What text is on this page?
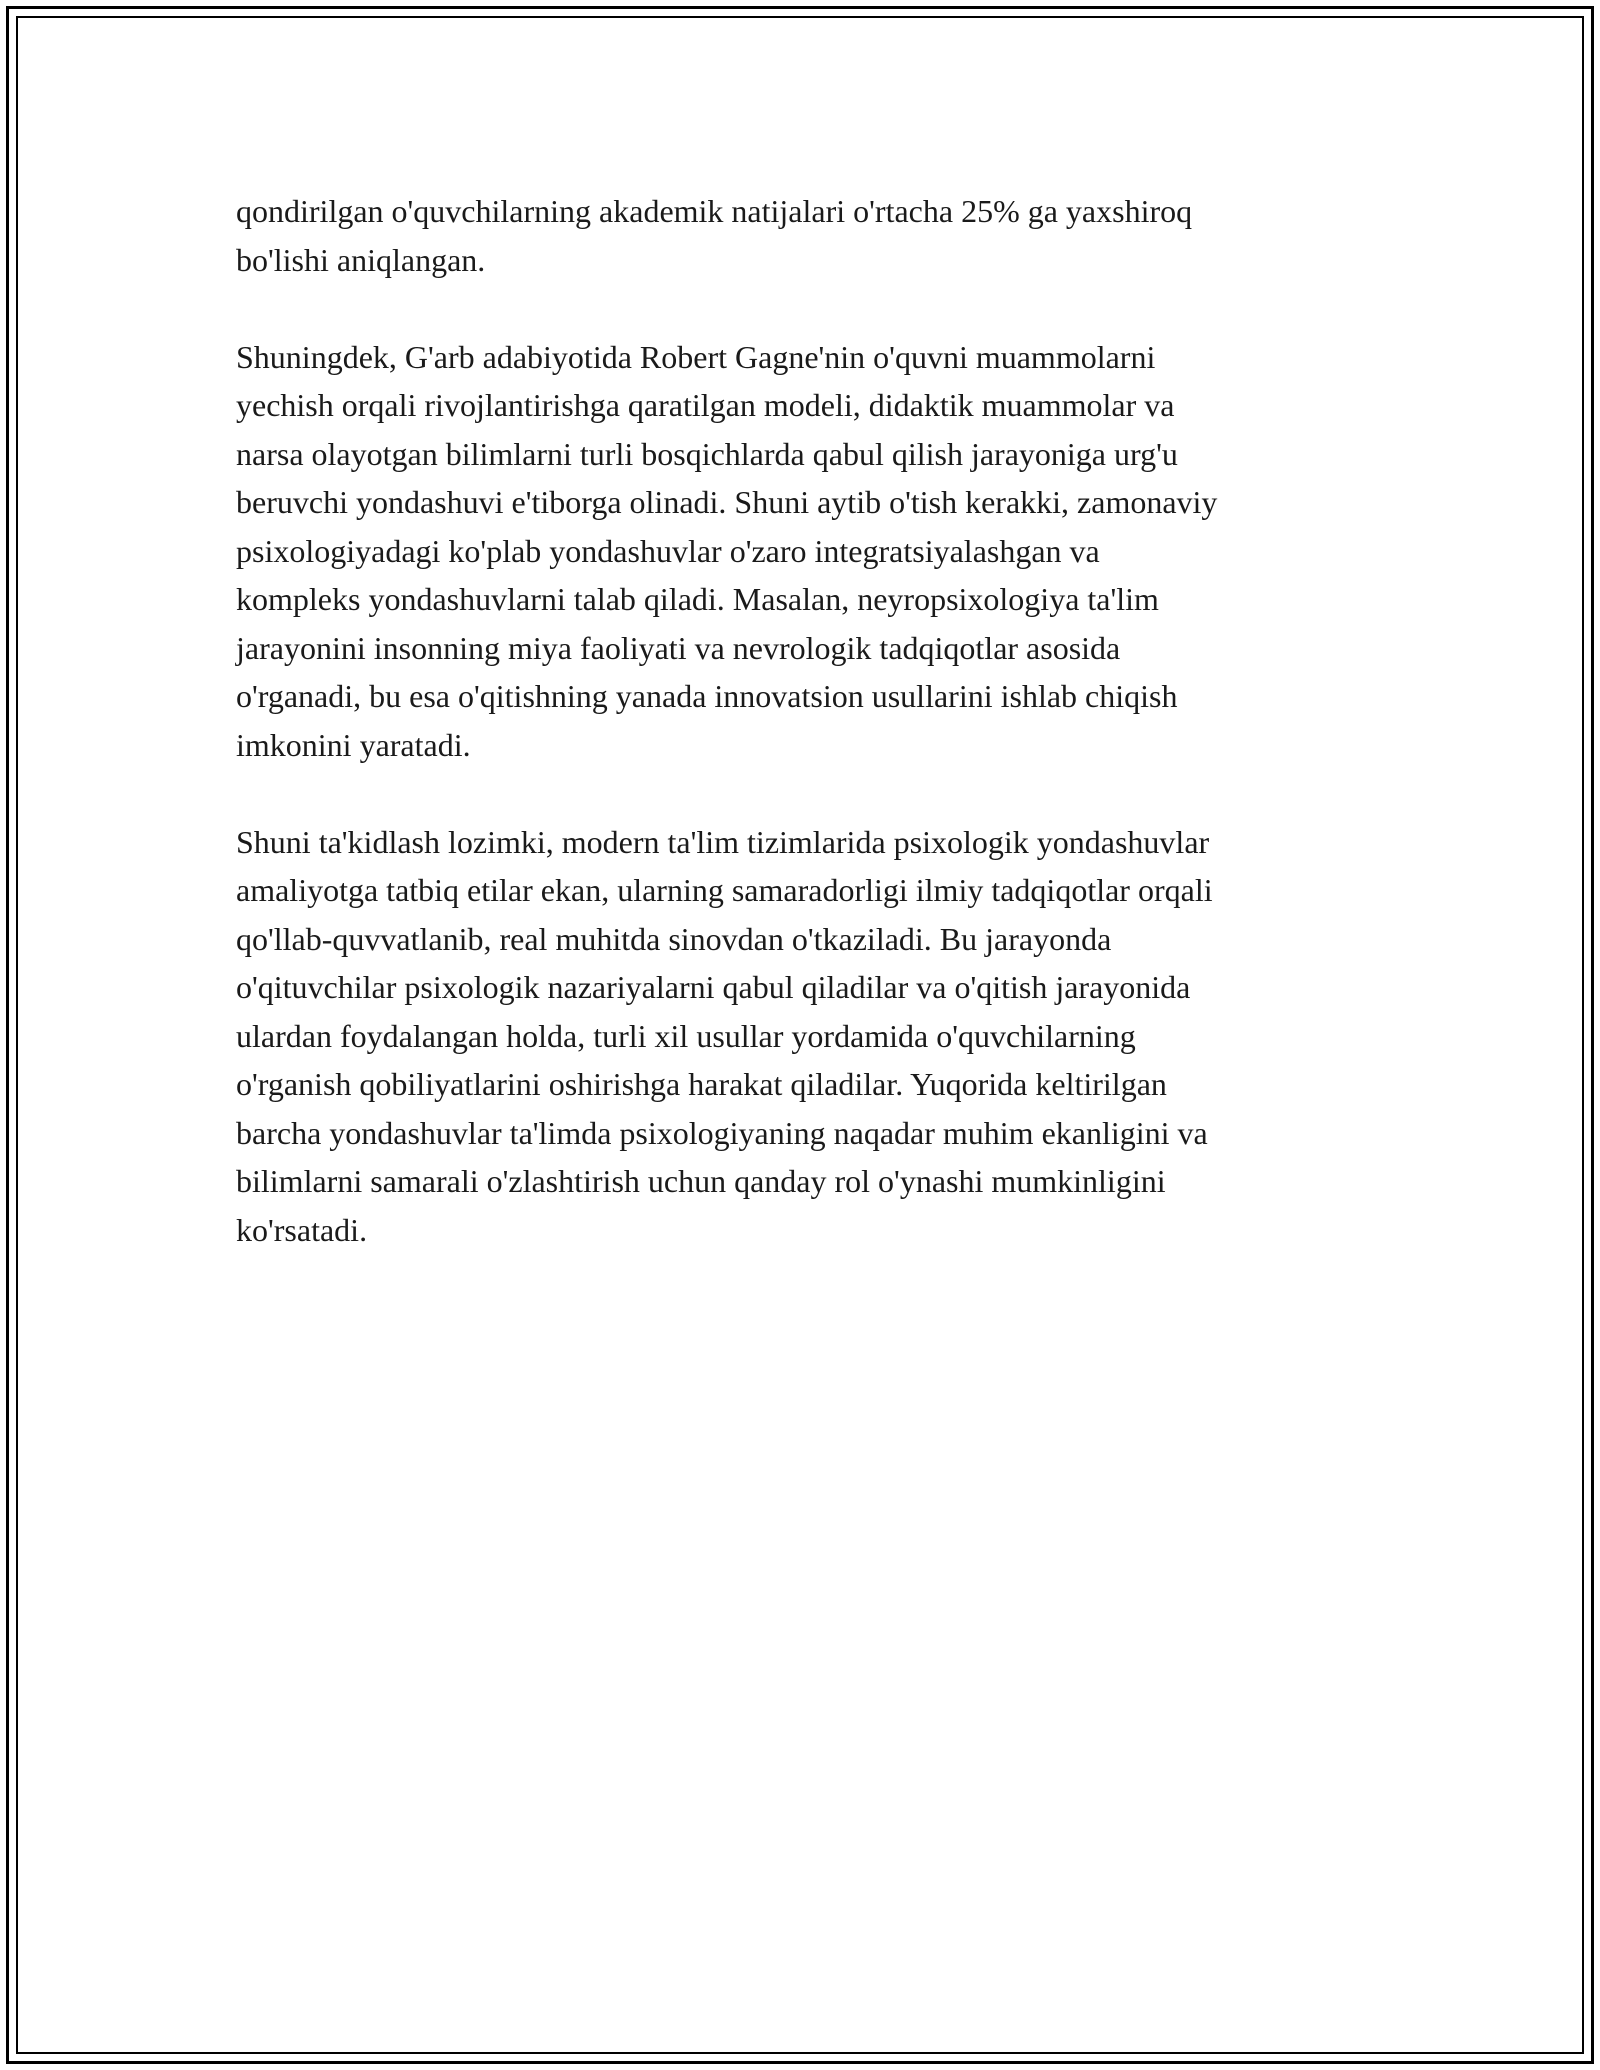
qondirilgan o'quvchilarning akademik natijalari o'rtacha 25% ga yaxshiroq
bo'lishi aniqlangan.

Shuningdek, G'arb adabiyotida Robert Gagne'nin o'quvni muammolarni
yechish orqali rivojlantirishga qaratilgan modeli, didaktik muammolar va
narsa olayotgan bilimlarni turli bosqichlarda qabul qilish jarayoniga urg'u
beruvchi yondashuvi e'tiborga olinadi. Shuni aytib o'tish kerakki, zamonaviy
psixologiyadagi ko'plab yondashuvlar o'zaro integratsiyalashgan va
kompleks yondashuvlarni talab qiladi. Masalan, neyropsixologiya ta'lim
jarayonini insonning miya faoliyati va nevrologik tadqiqotlar asosida
o'rganadi, bu esa o'qitishning yanada innovatsion usullarini ishlab chiqish
imkonini yaratadi.

Shuni ta'kidlash lozimki, modern ta'lim tizimlarida psixologik yondashuvlar
amaliyotga tatbiq etilar ekan, ularning samaradorligi ilmiy tadqiqotlar orqali
qo'llab-quvvatlanib, real muhitda sinovdan o'tkaziladi. Bu jarayonda
o'qituvchilar psixologik nazariyalarni qabul qiladilar va o'qitish jarayonida
ulardan foydalangan holda, turli xil usullar yordamida o'quvchilarning
o'rganish qobiliyatlarini oshirishga harakat qiladilar. Yuqorida keltirilgan
barcha yondashuvlar ta'limda psixologiyaning naqadar muhim ekanligini va
bilimlarni samarali o'zlashtirish uchun qanday rol o'ynashi mumkinligini
ko'rsatadi.
